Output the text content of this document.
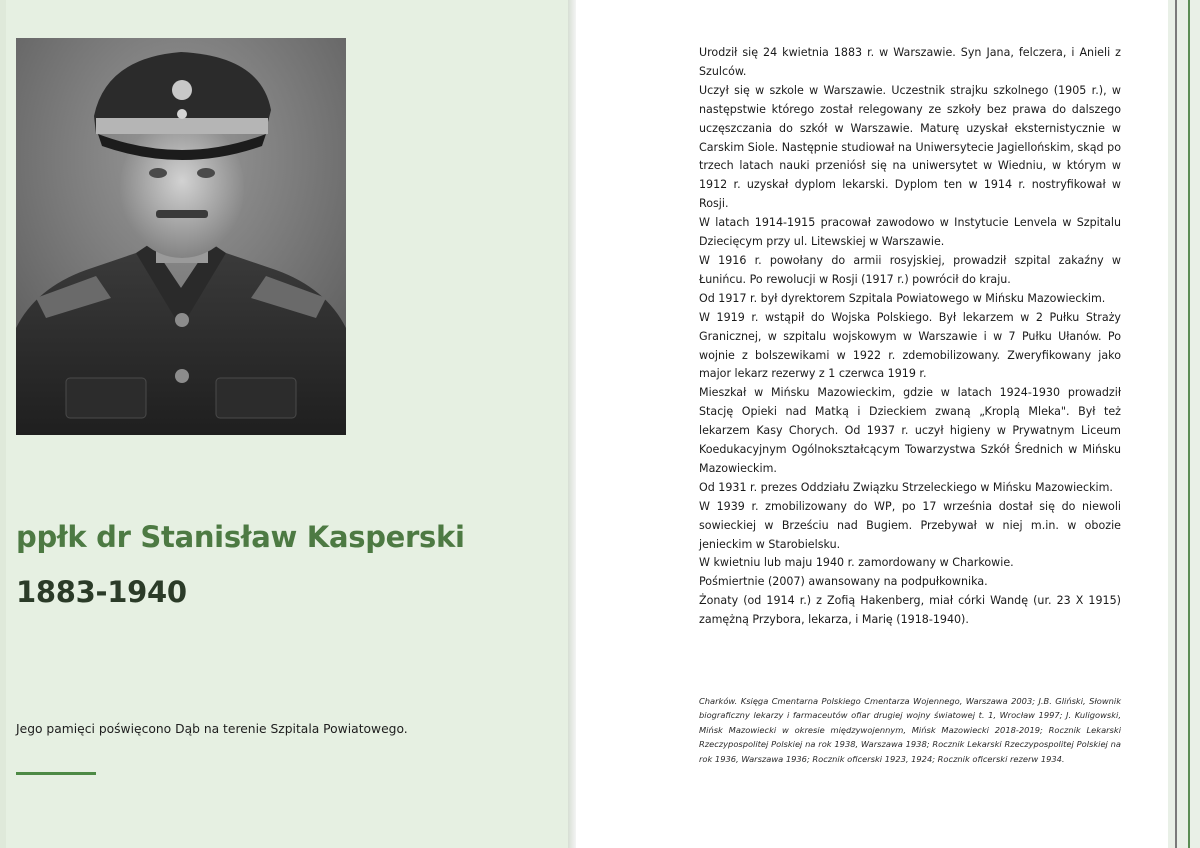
ppłk dr Stanisław Kasperski
1883-1940
Jego pamięci poświęcono Dąb na terenie Szpitala Powiatowego.

Urodził się 24 kwietnia 1883 r. w Warszawie. Syn Jana, felczera, i Anieli z Szulców.

Uczył się w szkole w Warszawie. Uczestnik strajku szkolnego (1905 r.), w następstwie którego został relegowany ze szkoły bez prawa do dalszego uczęszczania do szkół w Warszawie. Maturę uzyskał eksternistycznie w Carskim Siole. Następnie studiował na Uniwersytecie Jagiellońskim, skąd po trzech latach nauki przeniósł się na uniwersytet w Wiedniu, w którym w 1912 r. uzyskał dyplom lekarski. Dyplom ten w 1914 r. nostryfikował w Rosji.

W latach 1914-1915 pracował zawodowo w Instytucie Lenvela w Szpitalu Dziecięcym przy ul. Litewskiej w Warszawie.

W 1916 r. powołany do armii rosyjskiej, prowadził szpital zakaźny w Łunińcu. Po rewolucji w Rosji (1917 r.) powrócił do kraju.

Od 1917 r. był dyrektorem Szpitala Powiatowego w Mińsku Mazowieckim.

W 1919 r. wstąpił do Wojska Polskiego. Był lekarzem w 2 Pułku Straży Granicznej, w szpitalu wojskowym w Warszawie i w 7 Pułku Ułanów. Po wojnie z bolszewikami w 1922 r. zdemobilizowany. Zweryfikowany jako major lekarz rezerwy z 1 czerwca 1919 r.

Mieszkał w Mińsku Mazowieckim, gdzie w latach 1924-1930 prowadził Stację Opieki nad Matką i Dzieckiem zwaną „Kroplą Mleka". Był też lekarzem Kasy Chorych. Od 1937 r. uczył higieny w Prywatnym Liceum Koedukacyjnym Ogólnokształcącym Towarzystwa Szkół Średnich w Mińsku Mazowieckim.

Od 1931 r. prezes Oddziału Związku Strzeleckiego w Mińsku Mazowieckim.

W 1939 r. zmobilizowany do WP, po 17 września dostał się do niewoli sowieckiej w Brześciu nad Bugiem. Przebywał w niej m.in. w obozie jenieckim w Starobielsku.

W kwietniu lub maju 1940 r. zamordowany w Charkowie.

Pośmiertnie (2007) awansowany na podpułkownika.

Żonaty (od 1914 r.) z Zofią Hakenberg, miał córki Wandę (ur. 23 X 1915) zamężną Przybora, lekarza, i Marię (1918-1940).

Charków. Księga Cmentarna Polskiego Cmentarza Wojennego, Warszawa 2003; J.B. Gliński, Słownik biograficzny lekarzy i farmaceutów ofiar drugiej wojny światowej t. 1, Wrocław 1997; J. Kuligowski, Mińsk Mazowiecki w okresie międzywojennym, Mińsk Mazowiecki 2018-2019; Rocznik Lekarski Rzeczypospolitej Polskiej na rok 1938, Warszawa 1938; Rocznik Lekarski Rzeczypospolitej Polskiej na rok 1936, Warszawa 1936; Rocznik oficerski 1923, 1924; Rocznik oficerski rezerw 1934.
